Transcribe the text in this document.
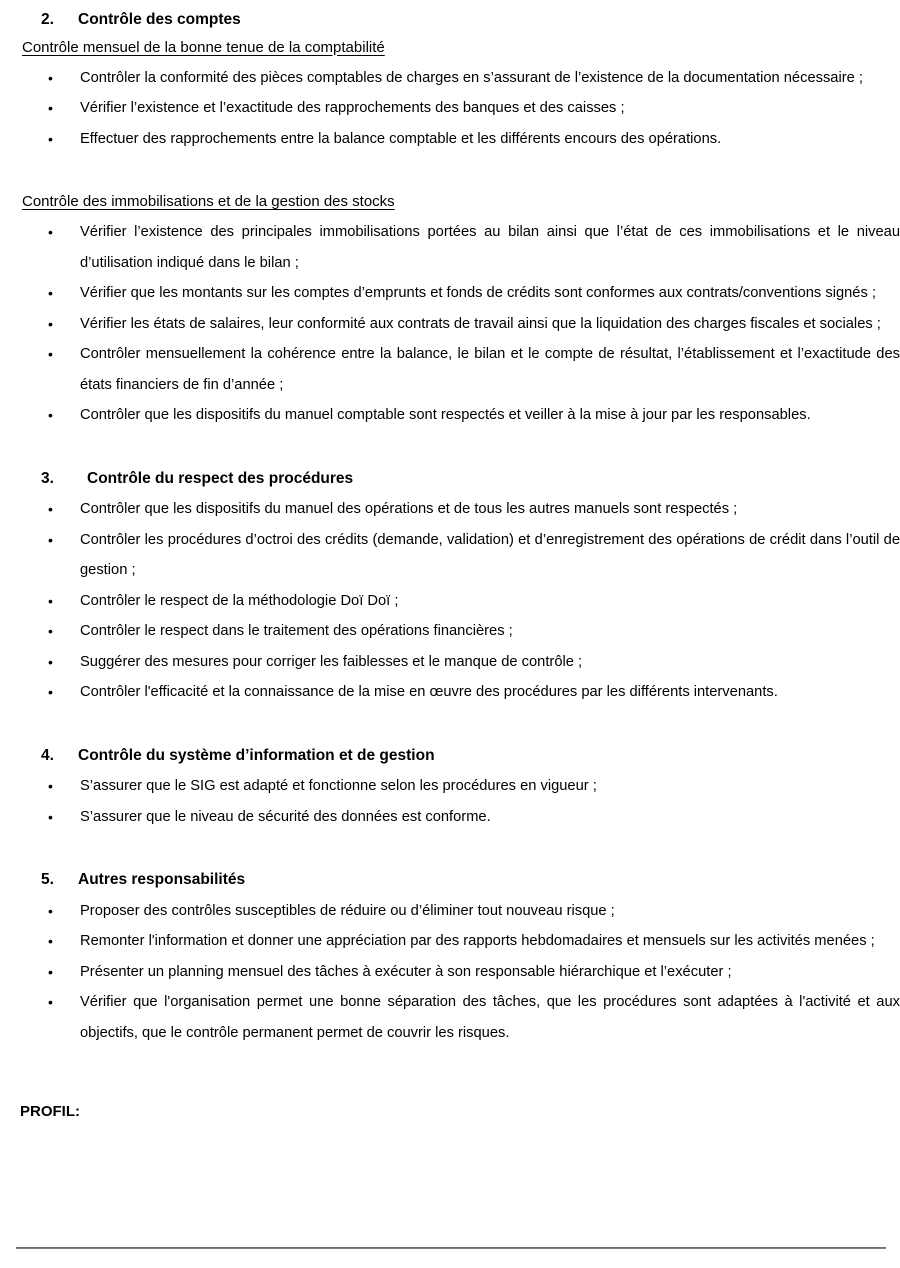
2.	Contrôle des comptes
Contrôle mensuel de la bonne tenue de la comptabilité
• Contrôler la conformité des pièces comptables de charges en s’assurant de l’existence de la documentation nécessaire ;
• Vérifier l’existence et l’exactitude des rapprochements des banques et des caisses ;
• Effectuer des rapprochements entre la balance comptable et les différents encours des opérations.
Contrôle des immobilisations et de la gestion des stocks
• Vérifier l’existence des principales immobilisations portées au bilan ainsi que l’état de ces immobilisations et le niveau d’utilisation indiqué dans le bilan ;
• Vérifier que les montants sur les comptes d’emprunts et fonds de crédits sont conformes aux contrats/conventions signés ;
• Vérifier les états de salaires, leur conformité aux contrats de travail ainsi que la liquidation des charges fiscales et sociales ;
• Contrôler mensuellement la cohérence entre la balance, le bilan et le compte de résultat, l’établissement et l’exactitude des états financiers de fin d’année ;
• Contrôler que les dispositifs du manuel comptable sont respectés et veiller à la mise à jour par les responsables.
3.	Contrôle du respect des procédures
• Contrôler que les dispositifs du manuel des opérations et de tous les autres manuels sont respectés ;
• Contrôler les procédures d’octroi des crédits (demande, validation) et d’enregistrement des opérations de crédit dans l’outil de gestion ;
• Contrôler le respect de la méthodologie Doï Doï ;
• Contrôler le respect dans le traitement des opérations financières ;
• Suggérer des mesures pour corriger les faiblesses et le manque de contrôle ;
• Contrôler l'efficacité et la connaissance de la mise en œuvre des procédures par les différents intervenants.
4.	Contrôle du système d’information et de gestion
• S’assurer que le SIG est adapté et fonctionne selon les procédures en vigueur ;
• S’assurer que le niveau de sécurité des données est conforme.
5.	Autres responsabilités
• Proposer des contrôles susceptibles de réduire ou d’éliminer tout nouveau risque ;
• Remonter l'information et donner une appréciation par des rapports hebdomadaires et mensuels sur les activités menées ;
• Présenter un planning mensuel des tâches à exécuter à son responsable hiérarchique et l’exécuter ;
• Vérifier que l'organisation permet une bonne séparation des tâches, que les procédures sont adaptées à l'activité et aux objectifs, que le contrôle permanent permet de couvrir les risques.
PROFIL:
